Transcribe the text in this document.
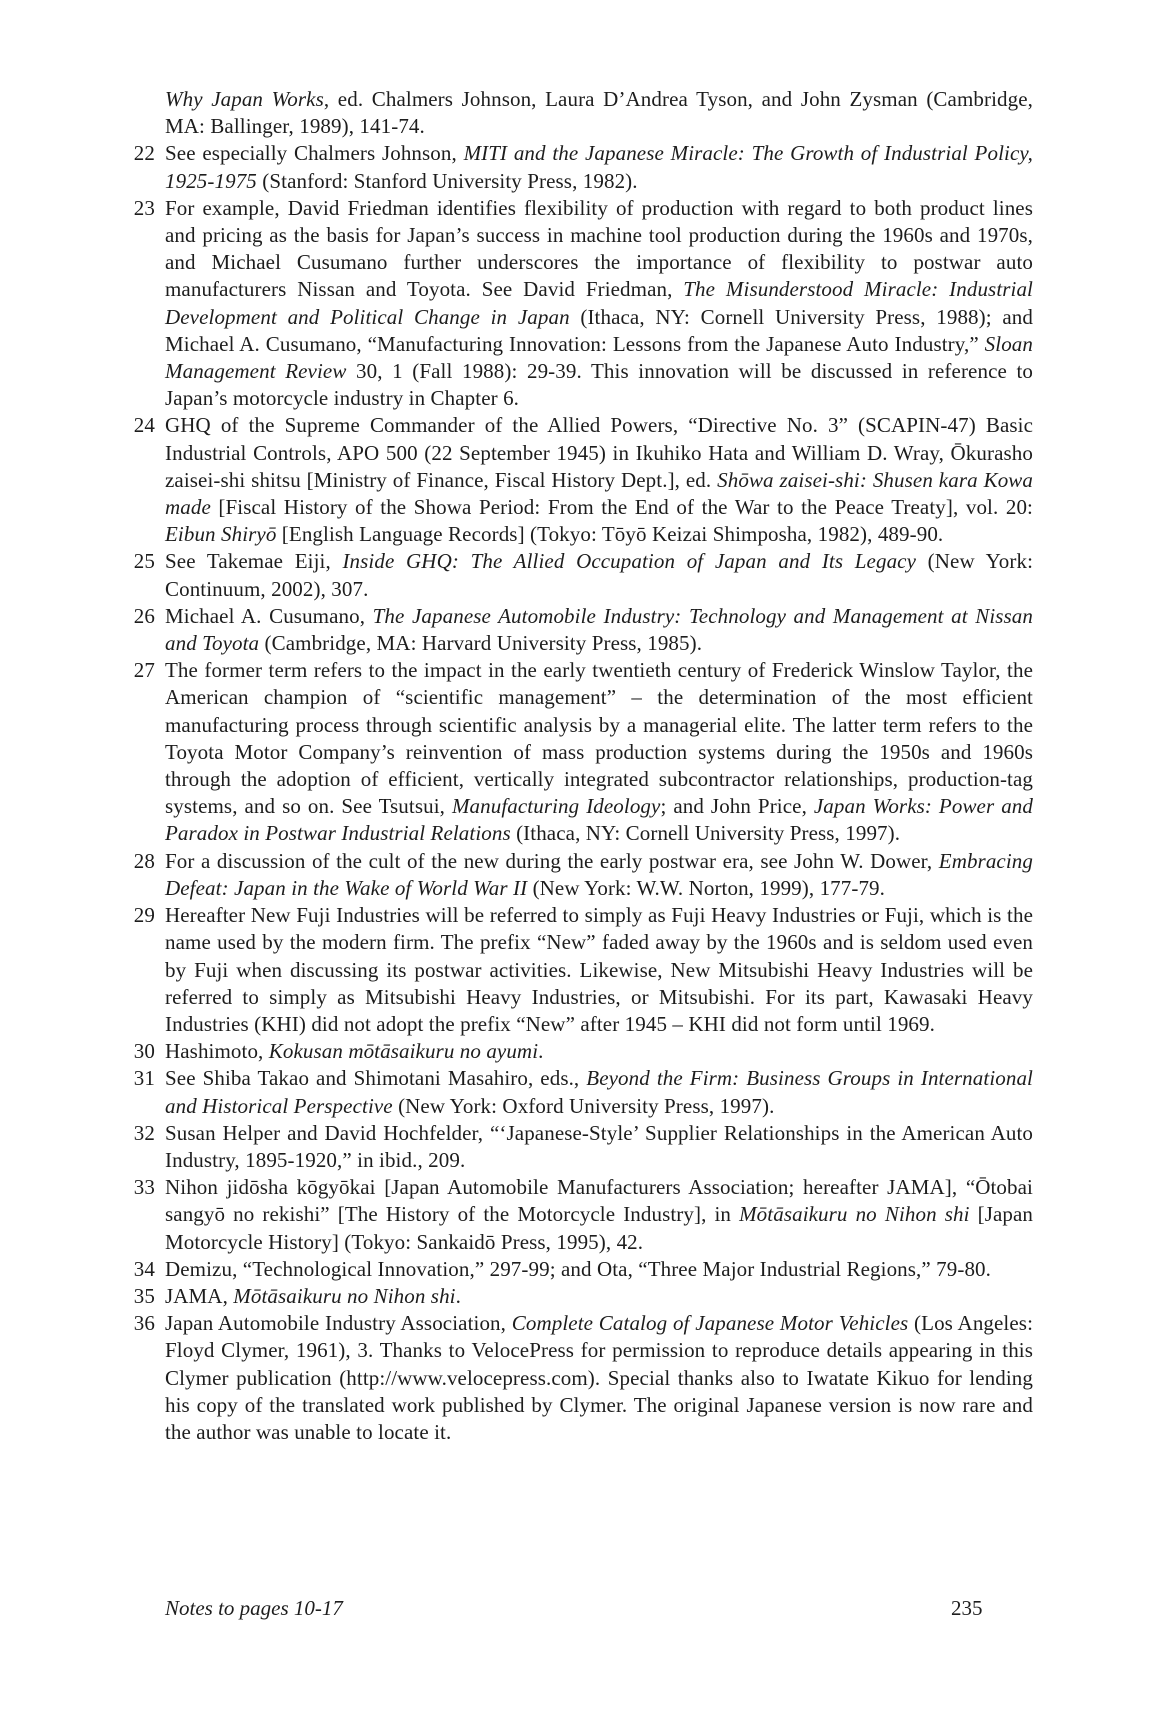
Why Japan Works, ed. Chalmers Johnson, Laura D’Andrea Tyson, and John Zysman (Cambridge, MA: Ballinger, 1989), 141-74.
22 See especially Chalmers Johnson, MITI and the Japanese Miracle: The Growth of Industrial Policy, 1925-1975 (Stanford: Stanford University Press, 1982).
23 For example, David Friedman identifies flexibility of production with regard to both product lines and pricing as the basis for Japan’s success in machine tool production during the 1960s and 1970s, and Michael Cusumano further underscores the importance of flexibility to postwar auto manufacturers Nissan and Toyota. See David Friedman, The Misunderstood Miracle: Industrial Development and Political Change in Japan (Ithaca, NY: Cornell University Press, 1988); and Michael A. Cusumano, “Manufacturing Innovation: Lessons from the Japanese Auto Industry,” Sloan Management Review 30, 1 (Fall 1988): 29-39. This innovation will be discussed in reference to Japan’s motorcycle industry in Chapter 6.
24 GHQ of the Supreme Commander of the Allied Powers, “Directive No. 3” (SCAPIN-47) Basic Industrial Controls, APO 500 (22 September 1945) in Ikuhiko Hata and William D. Wray, Ōkurasho zaisei-shi shitsu [Ministry of Finance, Fiscal History Dept.], ed. Shōwa zaisei-shi: Shusen kara Kowa made [Fiscal History of the Showa Period: From the End of the War to the Peace Treaty], vol. 20: Eibun Shiryō [English Language Records] (Tokyo: Tōyō Keizai Shimposha, 1982), 489-90.
25 See Takemae Eiji, Inside GHQ: The Allied Occupation of Japan and Its Legacy (New York: Continuum, 2002), 307.
26 Michael A. Cusumano, The Japanese Automobile Industry: Technology and Management at Nissan and Toyota (Cambridge, MA: Harvard University Press, 1985).
27 The former term refers to the impact in the early twentieth century of Frederick Winslow Taylor, the American champion of “scientific management” – the determination of the most efficient manufacturing process through scientific analysis by a managerial elite. The latter term refers to the Toyota Motor Company’s reinvention of mass production systems during the 1950s and 1960s through the adoption of efficient, vertically integrated subcontractor relationships, production-tag systems, and so on. See Tsutsui, Manufacturing Ideology; and John Price, Japan Works: Power and Paradox in Postwar Industrial Relations (Ithaca, NY: Cornell University Press, 1997).
28 For a discussion of the cult of the new during the early postwar era, see John W. Dower, Embracing Defeat: Japan in the Wake of World War II (New York: W.W. Norton, 1999), 177-79.
29 Hereafter New Fuji Industries will be referred to simply as Fuji Heavy Industries or Fuji, which is the name used by the modern firm. The prefix “New” faded away by the 1960s and is seldom used even by Fuji when discussing its postwar activities. Likewise, New Mitsubishi Heavy Industries will be referred to simply as Mitsubishi Heavy Industries, or Mitsubishi. For its part, Kawasaki Heavy Industries (KHI) did not adopt the prefix “New” after 1945 – KHI did not form until 1969.
30 Hashimoto, Kokusan mōtāsaikuru no ayumi.
31 See Shiba Takao and Shimotani Masahiro, eds., Beyond the Firm: Business Groups in International and Historical Perspective (New York: Oxford University Press, 1997).
32 Susan Helper and David Hochfelder, “‘Japanese-Style’ Supplier Relationships in the American Auto Industry, 1895-1920,” in ibid., 209.
33 Nihon jidōsha kōgyōkai [Japan Automobile Manufacturers Association; hereafter JAMA], “Ōtobai sangyō no rekishi” [The History of the Motorcycle Industry], in Mōtāsaikuru no Nihon shi [Japan Motorcycle History] (Tokyo: Sankaidō Press, 1995), 42.
34 Demizu, “Technological Innovation,” 297-99; and Ota, “Three Major Industrial Regions,” 79-80.
35 JAMA, Mōtāsaikuru no Nihon shi.
36 Japan Automobile Industry Association, Complete Catalog of Japanese Motor Vehicles (Los Angeles: Floyd Clymer, 1961), 3. Thanks to VelocePress for permission to reproduce details appearing in this Clymer publication (http://www.velocepress.com). Special thanks also to Iwatate Kikuo for lending his copy of the translated work published by Clymer. The original Japanese version is now rare and the author was unable to locate it.
Notes to pages 10-17	235
